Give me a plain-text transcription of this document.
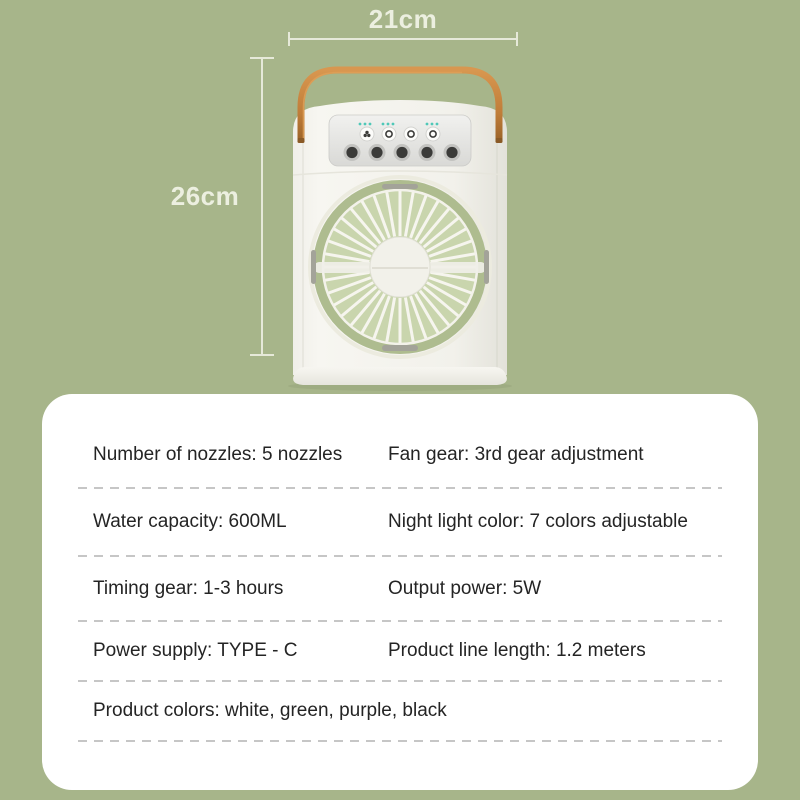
21cm
26cm
Number of nozzles: 5 nozzles	Fan gear: 3rd gear adjustment
Water capacity: 600ML	Night light color: 7 colors adjustable
Timing gear: 1-3 hours	Output power: 5W
Power supply: TYPE - C	Product line length: 1.2 meters
Product colors: white, green, purple, black
